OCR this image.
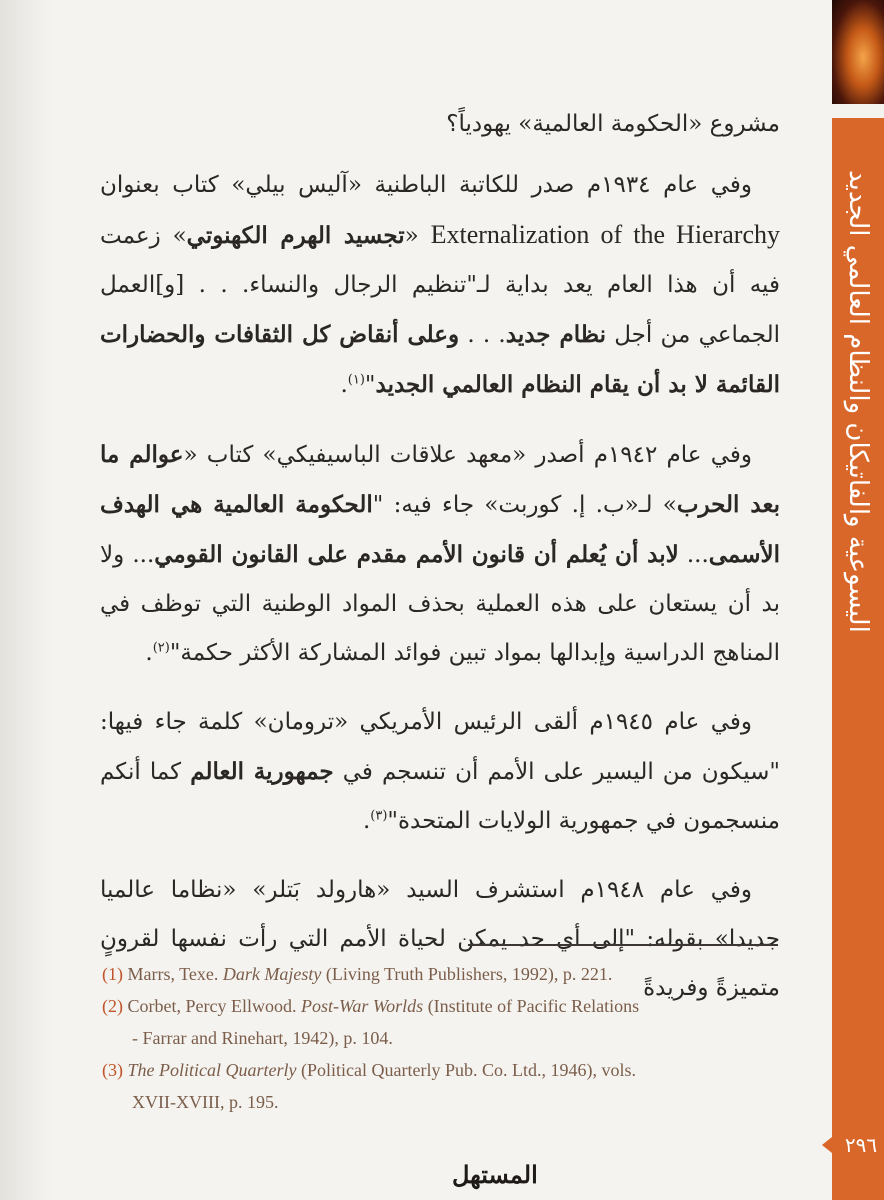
اليسوعية والفاتيكان والنظام العالمي الجديد
٢٩٦

مشروع «الحكومة العالمية» يهودياً؟

وفي عام ١٩٣٤م صدر للكاتبة الباطنية «آليس بيلي» كتاب بعنوان Externalization of the Hierarchy «تجسيد الهرم الكهنوتي» زعمت فيه أن هذا العام يعد بداية لـ"تنظيم الرجال والنساء. . . [و]العمل الجماعي من أجل نظام جديد. . . وعلى أنقاض كل الثقافات والحضارات القائمة لا بد أن يقام النظام العالمي الجديد"$^{(١)}$.

وفي عام ١٩٤٢م أصدر «معهد علاقات الباسيفيكي» كتاب «عوالم ما بعد الحرب» لـ«ب. إ. كوربت» جاء فيه: "الحكومة العالمية هي الهدف الأسمى... لابد أن يُعلم أن قانون الأمم مقدم على القانون القومي... ولا بد أن يستعان على هذه العملية بحذف المواد الوطنية التي توظف في المناهج الدراسية وإبدالها بمواد تبين فوائد المشاركة الأكثر حكمة"$^{(٢)}$.

وفي عام ١٩٤٥م ألقى الرئيس الأمريكي «ترومان» كلمة جاء فيها: "سيكون من اليسير على الأمم أن تنسجم في جمهورية العالم كما أنكم منسجمون في جمهورية الولايات المتحدة"$^{(٣)}$.

وفي عام ١٩٤٨م استشرف السيد «هارولد بَتلر» «نظاما عالميا جديدا» بقوله: "إلى أي حد يمكن لحياة الأمم التي رأت نفسها لقرونٍ متميزةً وفريدةً

(1) Marrs, Texe. Dark Majesty (Living Truth Publishers, 1992), p. 221.

(2) Corbet, Percy Ellwood. Post-War Worlds (Institute of Pacific Relations

- Farrar and Rinehart, 1942), p. 104.

(3) The Political Quarterly (Political Quarterly Pub. Co. Ltd., 1946), vols.

XVII-XVIII, p. 195.

المستهل
